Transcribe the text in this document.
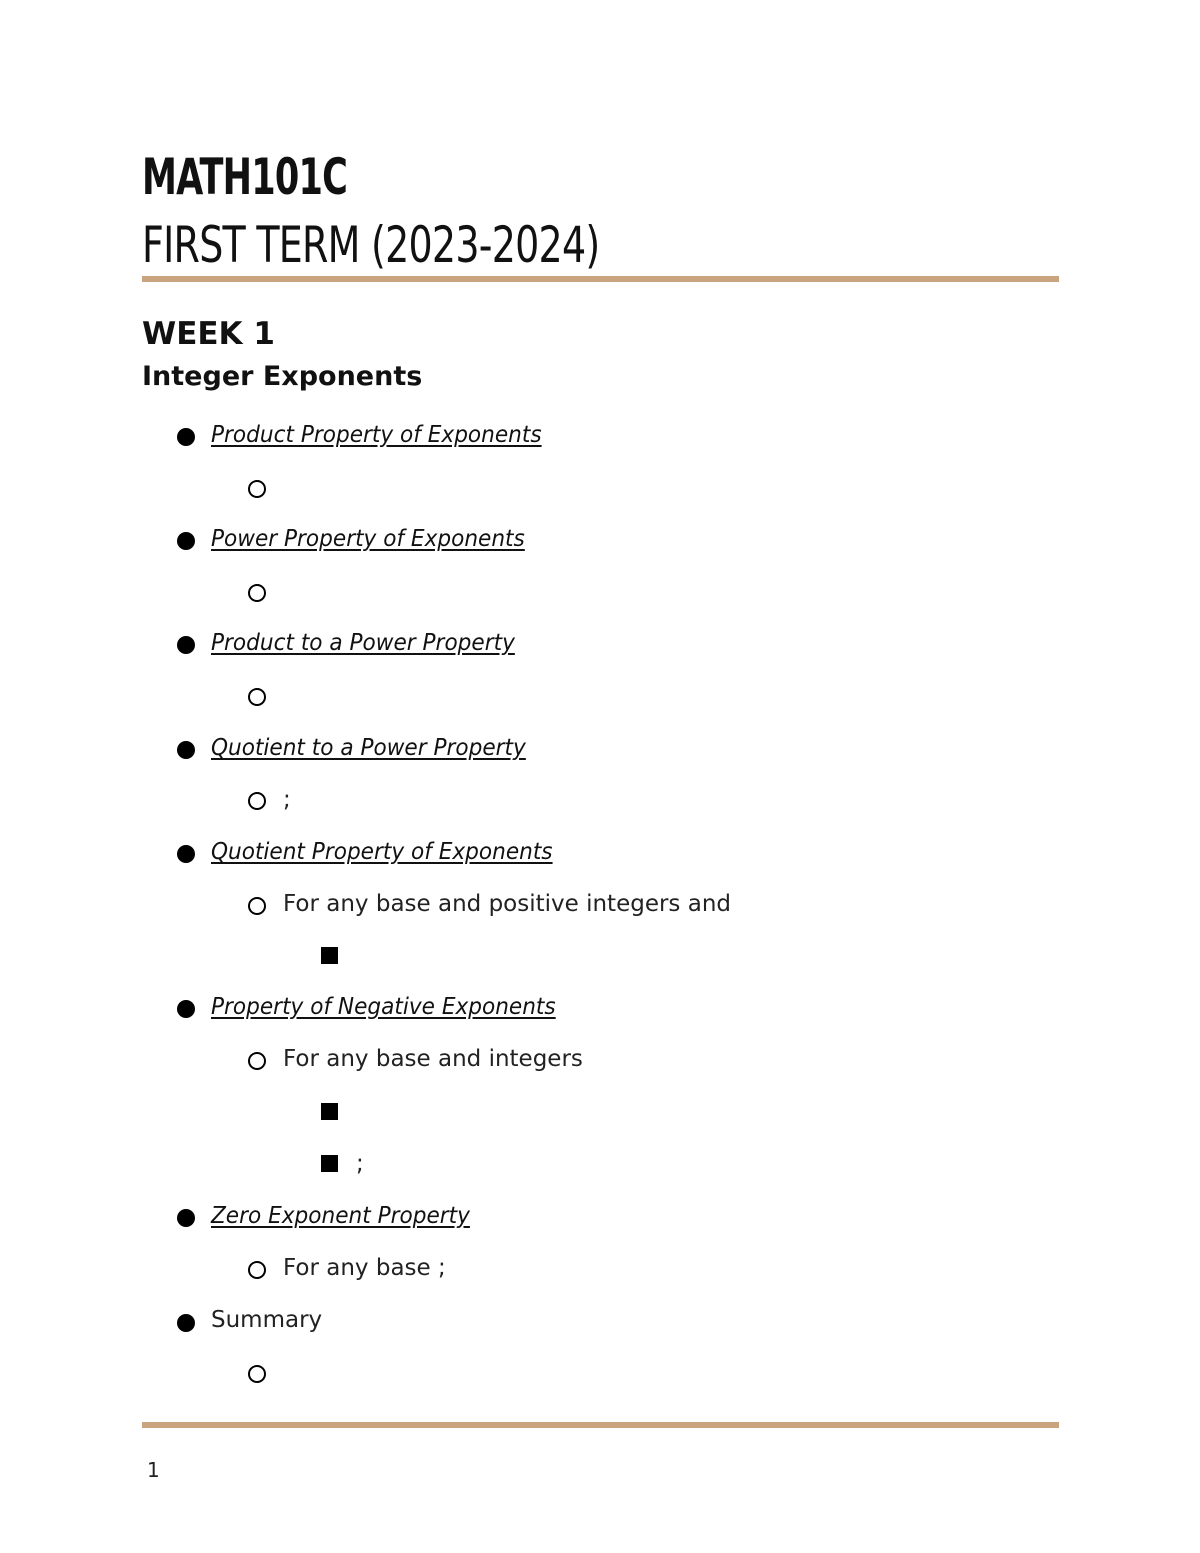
MATH101C
FIRST TERM (2023-2024)
WEEK 1
Integer Exponents
Product Property of Exponents
Power Property of Exponents
Product to a Power Property
Quotient to a Power Property
;
Quotient Property of Exponents
For any base and positive integers and
Property of Negative Exponents
For any base and integers
;
Zero Exponent Property
For any base ;
Summary
1
